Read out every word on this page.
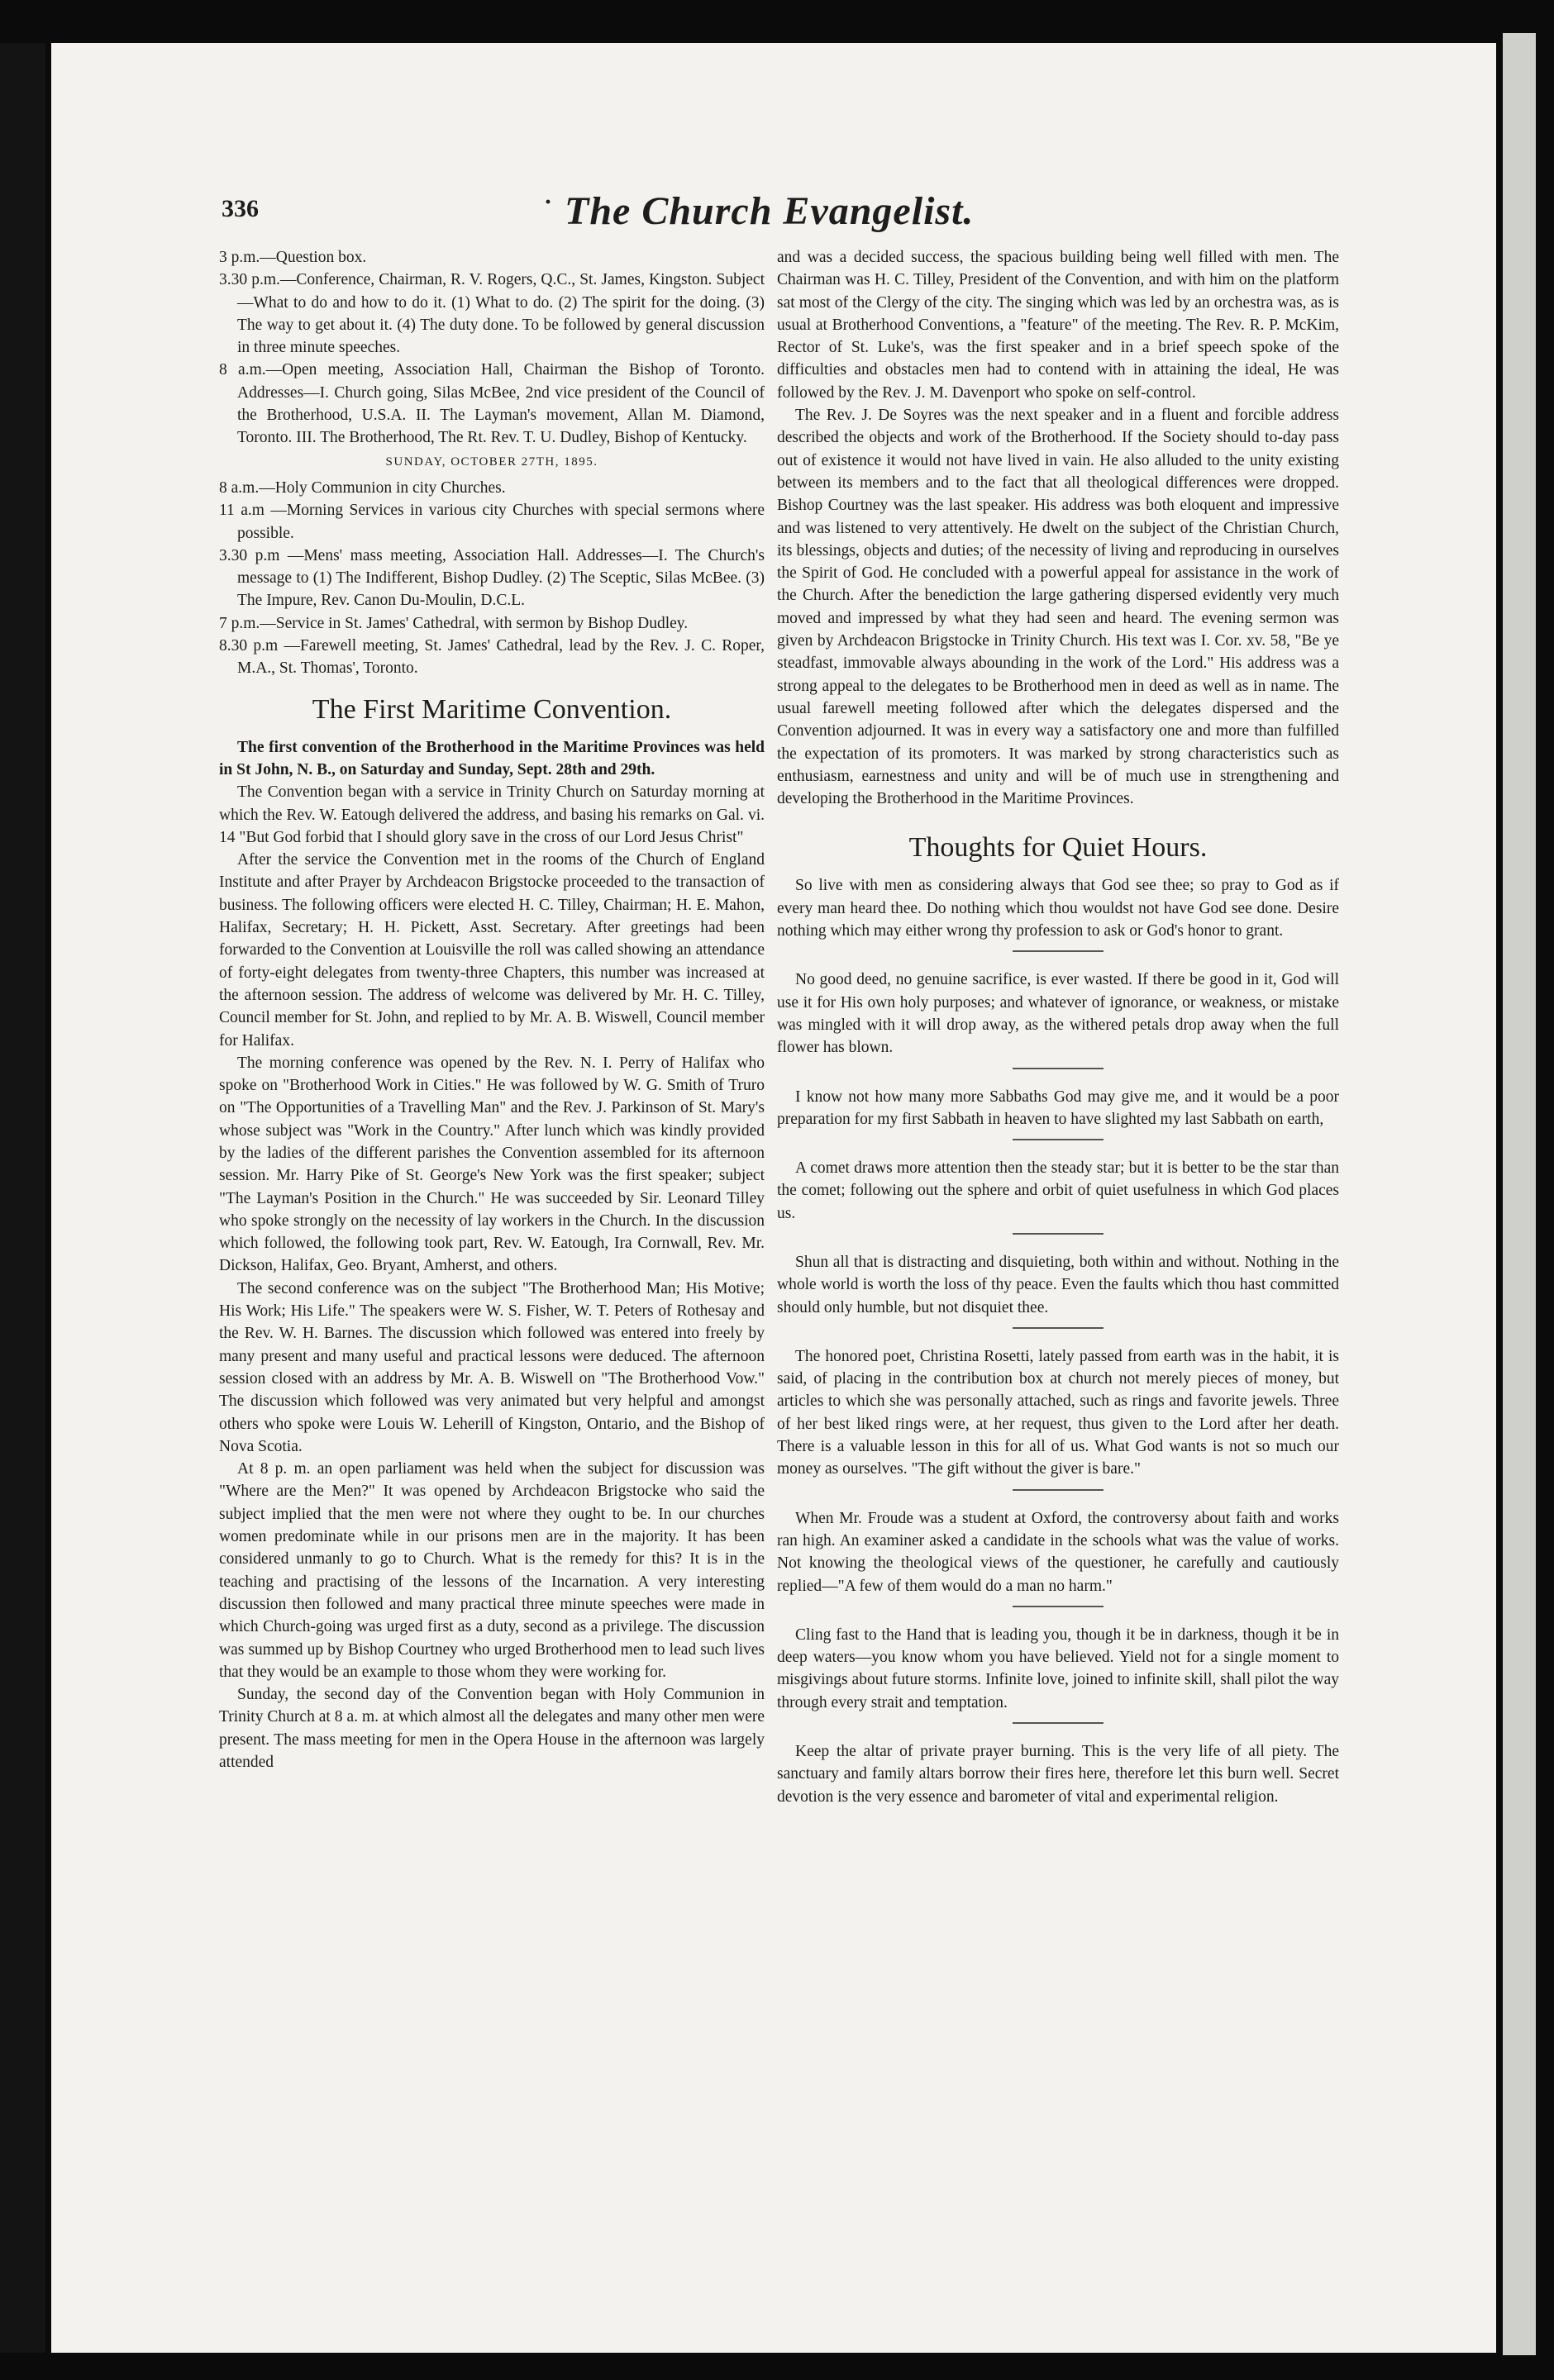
336	· The Church Evangelist.

3 p.m.—Question box.

3.30 p.m.—Conference, Chairman, R. V. Rogers, Q.C., St. James, Kingston. Subject—What to do and how to do it. (1) What to do. (2) The spirit for the doing. (3) The way to get about it. (4) The duty done. To be followed by general discussion in three minute speeches.

8 a.m.—Open meeting, Association Hall, Chairman the Bishop of Toronto. Addresses—I. Church going, Silas McBee, 2nd vice president of the Council of the Brotherhood, U.S.A. II. The Layman's movement, Allan M. Diamond, Toronto. III. The Brotherhood, The Rt. Rev. T. U. Dudley, Bishop of Kentucky.

SUNDAY, OCTOBER 27TH, 1895.

8 a.m.—Holy Communion in city Churches.

11 a.m —Morning Services in various city Churches with special sermons where possible.

3.30 p.m —Mens' mass meeting, Association Hall. Addresses—I. The Church's message to (1) The Indifferent, Bishop Dudley. (2) The Sceptic, Silas McBee. (3) The Impure, Rev. Canon Du-Moulin, D.C.L.

7 p.m.—Service in St. James' Cathedral, with sermon by Bishop Dudley.

8.30 p.m —Farewell meeting, St. James' Cathedral, lead by the Rev. J. C. Roper, M.A., St. Thomas', Toronto.

The First Maritime Convention.

The first convention of the Brotherhood in the Maritime Provinces was held in St John, N. B., on Saturday and Sunday, Sept. 28th and 29th.

The Convention began with a service in Trinity Church on Saturday morning at which the Rev. W. Eatough delivered the address, and basing his remarks on Gal. vi. 14 "But God forbid that I should glory save in the cross of our Lord Jesus Christ"

After the service the Convention met in the rooms of the Church of England Institute and after Prayer by Archdeacon Brigstocke proceeded to the transaction of business. The following officers were elected H. C. Tilley, Chairman; H. E. Mahon, Halifax, Secretary; H. H. Pickett, Asst. Secretary. After greetings had been forwarded to the Convention at Louisville the roll was called showing an attendance of forty-eight delegates from twenty-three Chapters, this number was increased at the afternoon session. The address of welcome was delivered by Mr. H. C. Tilley, Council member for St. John, and replied to by Mr. A. B. Wiswell, Council member for Halifax.

The morning conference was opened by the Rev. N. I. Perry of Halifax who spoke on "Brotherhood Work in Cities." He was followed by W. G. Smith of Truro on "The Opportunities of a Travelling Man" and the Rev. J. Parkinson of St. Mary's whose subject was "Work in the Country." After lunch which was kindly provided by the ladies of the different parishes the Convention assembled for its afternoon session. Mr. Harry Pike of St. George's New York was the first speaker; subject "The Layman's Position in the Church." He was succeeded by Sir. Leonard Tilley who spoke strongly on the necessity of lay workers in the Church. In the discussion which followed, the following took part, Rev. W. Eatough, Ira Cornwall, Rev. Mr. Dickson, Halifax, Geo. Bryant, Amherst, and others.

The second conference was on the subject "The Brotherhood Man; His Motive; His Work; His Life." The speakers were W. S. Fisher, W. T. Peters of Rothesay and the Rev. W. H. Barnes. The discussion which followed was entered into freely by many present and many useful and practical lessons were deduced. The afternoon session closed with an address by Mr. A. B. Wiswell on "The Brotherhood Vow." The discussion which followed was very animated but very helpful and amongst others who spoke were Louis W. Leherill of Kingston, Ontario, and the Bishop of Nova Scotia.

At 8 p. m. an open parliament was held when the subject for discussion was "Where are the Men?" It was opened by Archdeacon Brigstocke who said the subject implied that the men were not where they ought to be. In our churches women predominate while in our prisons men are in the majority. It has been considered unmanly to go to Church. What is the remedy for this? It is in the teaching and practising of the lessons of the Incarnation. A very interesting discussion then followed and many practical three minute speeches were made in which Church-going was urged first as a duty, second as a privilege. The discussion was summed up by Bishop Courtney who urged Brotherhood men to lead such lives that they would be an example to those whom they were working for.

Sunday, the second day of the Convention began with Holy Communion in Trinity Church at 8 a. m. at which almost all the delegates and many other men were present. The mass meeting for men in the Opera House in the afternoon was largely attended

and was a decided success, the spacious building being well filled with men. The Chairman was H. C. Tilley, President of the Convention, and with him on the platform sat most of the Clergy of the city. The singing which was led by an orchestra was, as is usual at Brotherhood Conventions, a "feature" of the meeting. The Rev. R. P. McKim, Rector of St. Luke's, was the first speaker and in a brief speech spoke of the difficulties and obstacles men had to contend with in attaining the ideal, He was followed by the Rev. J. M. Davenport who spoke on self-control.

The Rev. J. De Soyres was the next speaker and in a fluent and forcible address described the objects and work of the Brotherhood. If the Society should to-day pass out of existence it would not have lived in vain. He also alluded to the unity existing between its members and to the fact that all theological differences were dropped. Bishop Courtney was the last speaker. His address was both eloquent and impressive and was listened to very attentively. He dwelt on the subject of the Christian Church, its blessings, objects and duties; of the necessity of living and reproducing in ourselves the Spirit of God. He concluded with a powerful appeal for assistance in the work of the Church. After the benediction the large gathering dispersed evidently very much moved and impressed by what they had seen and heard. The evening sermon was given by Archdeacon Brigstocke in Trinity Church. His text was I. Cor. xv. 58, "Be ye steadfast, immovable always abounding in the work of the Lord." His address was a strong appeal to the delegates to be Brotherhood men in deed as well as in name. The usual farewell meeting followed after which the delegates dispersed and the Convention adjourned. It was in every way a satisfactory one and more than fulfilled the expectation of its promoters. It was marked by strong characteristics such as enthusiasm, earnestness and unity and will be of much use in strengthening and developing the Brotherhood in the Maritime Provinces.

Thoughts for Quiet Hours.

So live with men as considering always that God see thee; so pray to God as if every man heard thee. Do nothing which thou wouldst not have God see done. Desire nothing which may either wrong thy profession to ask or God's honor to grant.

No good deed, no genuine sacrifice, is ever wasted. If there be good in it, God will use it for His own holy purposes; and whatever of ignorance, or weakness, or mistake was mingled with it will drop away, as the withered petals drop away when the full flower has blown.

I know not how many more Sabbaths God may give me, and it would be a poor preparation for my first Sabbath in heaven to have slighted my last Sabbath on earth,

A comet draws more attention then the steady star; but it is better to be the star than the comet; following out the sphere and orbit of quiet usefulness in which God places us.

Shun all that is distracting and disquieting, both within and without. Nothing in the whole world is worth the loss of thy peace. Even the faults which thou hast committed should only humble, but not disquiet thee.

The honored poet, Christina Rosetti, lately passed from earth was in the habit, it is said, of placing in the contribution box at church not merely pieces of money, but articles to which she was personally attached, such as rings and favorite jewels. Three of her best liked rings were, at her request, thus given to the Lord after her death. There is a valuable lesson in this for all of us. What God wants is not so much our money as ourselves. "The gift without the giver is bare."

When Mr. Froude was a student at Oxford, the controversy about faith and works ran high. An examiner asked a candidate in the schools what was the value of works. Not knowing the theological views of the questioner, he carefully and cautiously replied—"A few of them would do a man no harm."

Cling fast to the Hand that is leading you, though it be in darkness, though it be in deep waters—you know whom you have believed. Yield not for a single moment to misgivings about future storms. Infinite love, joined to infinite skill, shall pilot the way through every strait and temptation.

Keep the altar of private prayer burning. This is the very life of all piety. The sanctuary and family altars borrow their fires here, therefore let this burn well. Secret devotion is the very essence and barometer of vital and experimental religion.
